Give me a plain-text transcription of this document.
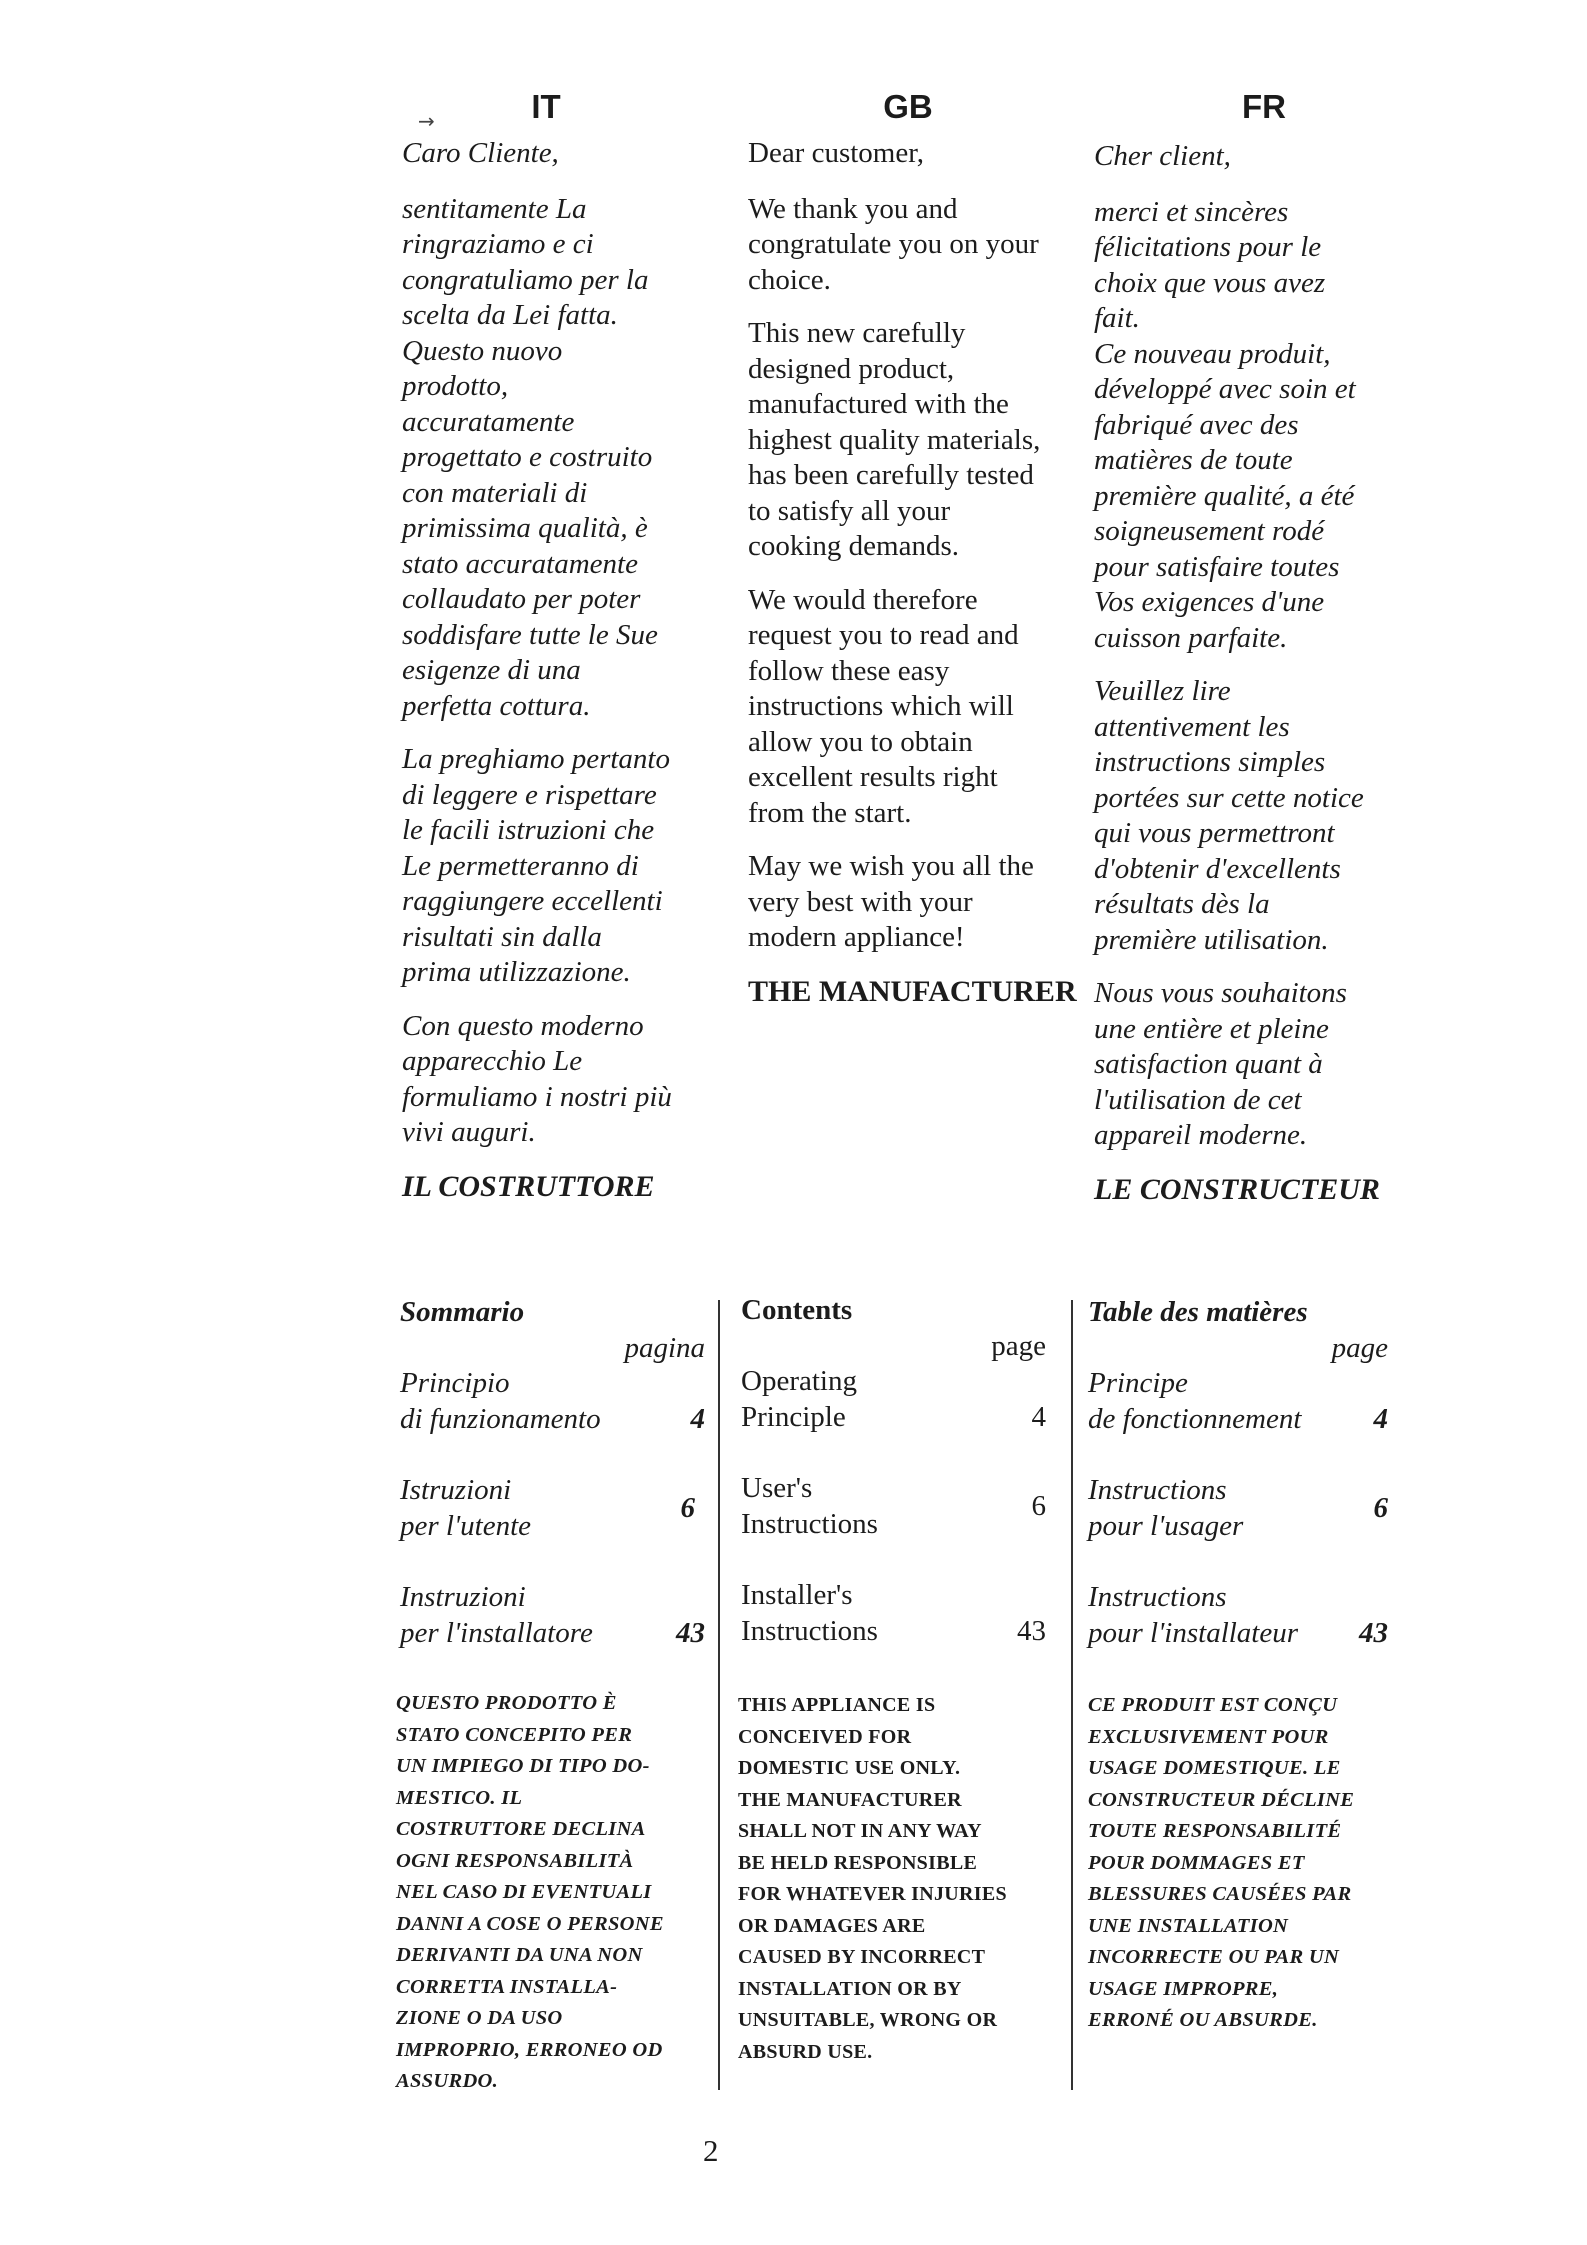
→	IT	GB	FR

Caro Cliente,

sentitamente La
ringraziamo e ci
congratuliamo per la
scelta da Lei fatta.
Questo nuovo
prodotto,
accuratamente
progettato e costruito
con materiali di
primissima qualità, è
stato accuratamente
collaudato per poter
soddisfare tutte le Sue
esigenze di una
perfetta cottura.

La preghiamo pertanto
di leggere e rispettare
le facili istruzioni che
Le permetteranno di
raggiungere eccellenti
risultati sin dalla
prima utilizzazione.

Con questo moderno
apparecchio Le
formuliamo i nostri più
vivi auguri.

IL COSTRUTTORE

Dear customer,

We thank you and
congratulate you on your
choice.

This new carefully
designed product,
manufactured with the
highest quality materials,
has been carefully tested
to satisfy all your
cooking demands.

We would therefore
request you to read and
follow these easy
instructions which will
allow you to obtain
excellent results right
from the start.

May we wish you all the
very best with your
modern appliance!

THE MANUFACTURER

Cher client,

merci et sincères
félicitations pour le
choix que vous avez
fait.
Ce nouveau produit,
développé avec soin et
fabriqué avec des
matières de toute
première qualité, a été
soigneusement rodé
pour satisfaire toutes
Vos exigences d'une
cuisson parfaite.

Veuillez lire
attentivement les
instructions simples
portées sur cette notice
qui vous permettront
d'obtenir d'excellents
résultats dès la
première utilisation.

Nous vous souhaitons
une entière et pleine
satisfaction quant à
l'utilisation de cet
appareil moderne.

LE CONSTRUCTEUR

Sommario

pagina
Principio
di funzionamento	4
Istruzioni
per l'utente
6
Instruzioni
per l'installatore	43

Contents

page
Operating
Principle	4
User's
Instructions
6
Installer's
Instructions	43

Table des matières

page
Principe
de fonctionnement	4
Instructions
pour l'usager
6
Instructions
pour l'installateur	43
QUESTO PRODOTTO È
STATO CONCEPITO PER
UN IMPIEGO DI TIPO DO-
MESTICO. IL
COSTRUTTORE DECLINA
OGNI RESPONSABILITÀ
NEL CASO DI EVENTUALI
DANNI A COSE O PERSONE
DERIVANTI DA UNA NON
CORRETTA INSTALLA-
ZIONE O DA USO
IMPROPRIO, ERRONEO OD
ASSURDO.
THIS APPLIANCE IS
CONCEIVED FOR
DOMESTIC USE ONLY.
THE MANUFACTURER
SHALL NOT IN ANY WAY
BE HELD RESPONSIBLE
FOR WHATEVER INJURIES
OR DAMAGES ARE
CAUSED BY INCORRECT
INSTALLATION OR BY
UNSUITABLE, WRONG OR
ABSURD USE.
CE PRODUIT EST CONÇU
EXCLUSIVEMENT POUR
USAGE DOMESTIQUE. LE
CONSTRUCTEUR DÉCLINE
TOUTE RESPONSABILITÉ
POUR DOMMAGES ET
BLESSURES CAUSÉES PAR
UNE INSTALLATION
INCORRECTE OU PAR UN
USAGE IMPROPRE,
ERRONÉ OU ABSURDE.
2
